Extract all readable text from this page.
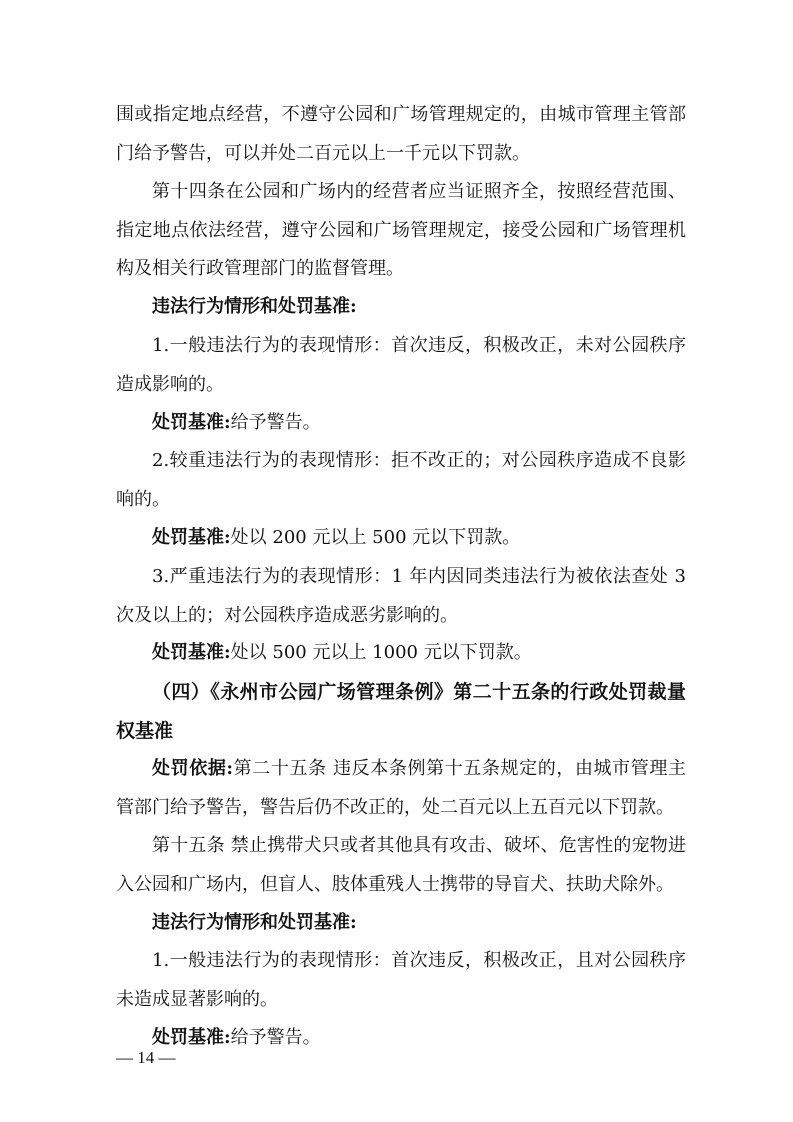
围或指定地点经营，不遵守公园和广场管理规定的，由城市管理主管部门给予警告，可以并处二百元以上一千元以下罚款。

第十四条在公园和广场内的经营者应当证照齐全，按照经营范围、指定地点依法经营，遵守公园和广场管理规定，接受公园和广场管理机构及相关行政管理部门的监督管理。

违法行为情形和处罚基准:

1.一般违法行为的表现情形：首次违反，积极改正，未对公园秩序造成影响的。

处罚基准:给予警告。

2.较重违法行为的表现情形：拒不改正的；对公园秩序造成不良影响的。

处罚基准:处以 200 元以上 500 元以下罚款。

3.严重违法行为的表现情形：1 年内因同类违法行为被依法查处 3 次及以上的；对公园秩序造成恶劣影响的。

处罚基准:处以 500 元以上 1000 元以下罚款。

（四）《永州市公园广场管理条例》第二十五条的行政处罚裁量权基准

处罚依据:第二十五条 违反本条例第十五条规定的，由城市管理主管部门给予警告，警告后仍不改正的，处二百元以上五百元以下罚款。

第十五条 禁止携带犬只或者其他具有攻击、破坏、危害性的宠物进入公园和广场内，但盲人、肢体重残人士携带的导盲犬、扶助犬除外。

违法行为情形和处罚基准:

1.一般违法行为的表现情形：首次违反，积极改正，且对公园秩序未造成显著影响的。

处罚基准:给予警告。

— 14 —
